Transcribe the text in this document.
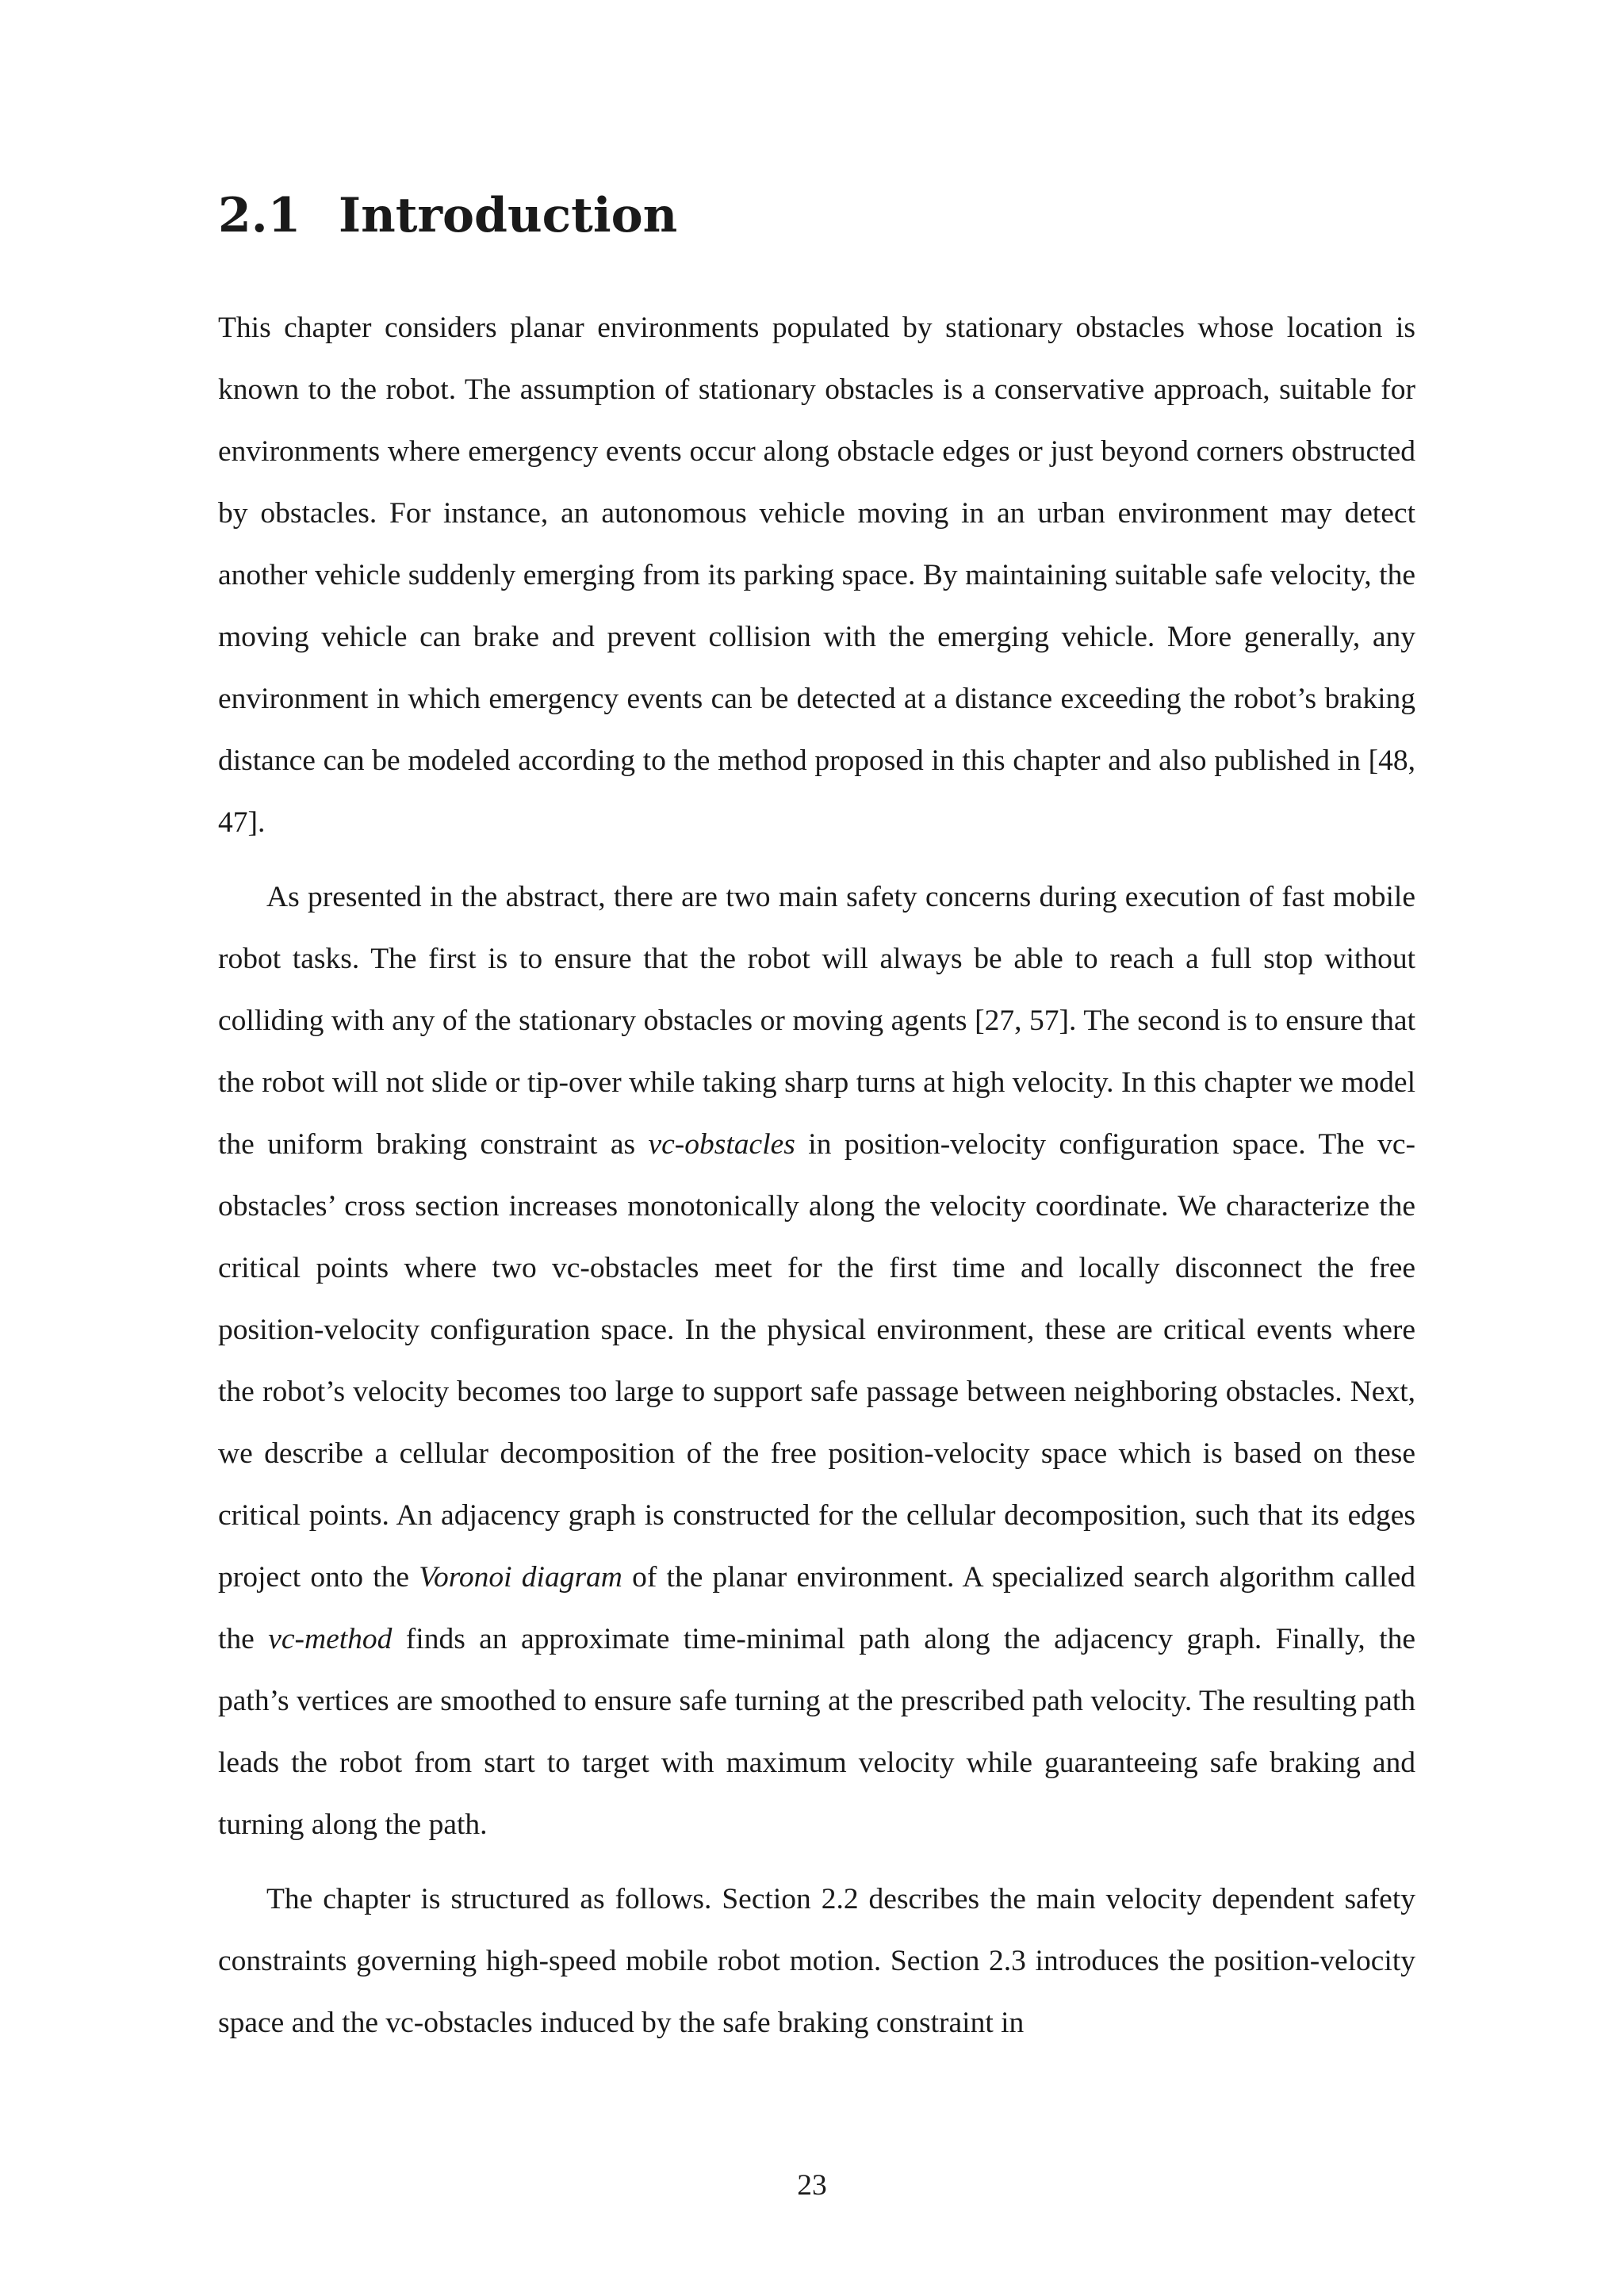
2.1 Introduction

This chapter considers planar environments populated by stationary obstacles whose location is known to the robot. The assumption of stationary obstacles is a conservative approach, suitable for environments where emergency events occur along obstacle edges or just beyond corners obstructed by obstacles. For instance, an autonomous vehicle moving in an urban environment may detect another vehicle suddenly emerging from its parking space. By maintaining suitable safe velocity, the moving vehicle can brake and prevent collision with the emerging vehicle. More generally, any environment in which emergency events can be detected at a distance exceeding the robot’s braking distance can be modeled according to the method proposed in this chapter and also published in [48, 47].

As presented in the abstract, there are two main safety concerns during execution of fast mobile robot tasks. The first is to ensure that the robot will always be able to reach a full stop without colliding with any of the stationary obstacles or moving agents [27, 57]. The second is to ensure that the robot will not slide or tip-over while taking sharp turns at high velocity. In this chapter we model the uniform braking constraint as vc-obstacles in position-velocity configuration space. The vc-obstacles’ cross section increases monotonically along the velocity coordinate. We characterize the critical points where two vc-obstacles meet for the first time and locally disconnect the free position-velocity configuration space. In the physical environment, these are critical events where the robot’s velocity becomes too large to support safe passage between neighboring obstacles. Next, we describe a cellular decomposition of the free position-velocity space which is based on these critical points. An adjacency graph is constructed for the cellular decomposition, such that its edges project onto the Voronoi diagram of the planar environment. A specialized search algorithm called the vc-method finds an approximate time-minimal path along the adjacency graph. Finally, the path’s vertices are smoothed to ensure safe turning at the prescribed path velocity. The resulting path leads the robot from start to target with maximum velocity while guaranteeing safe braking and turning along the path.

The chapter is structured as follows. Section 2.2 describes the main velocity dependent safety constraints governing high-speed mobile robot motion. Section 2.3 introduces the position-velocity space and the vc-obstacles induced by the safe braking constraint in

23
